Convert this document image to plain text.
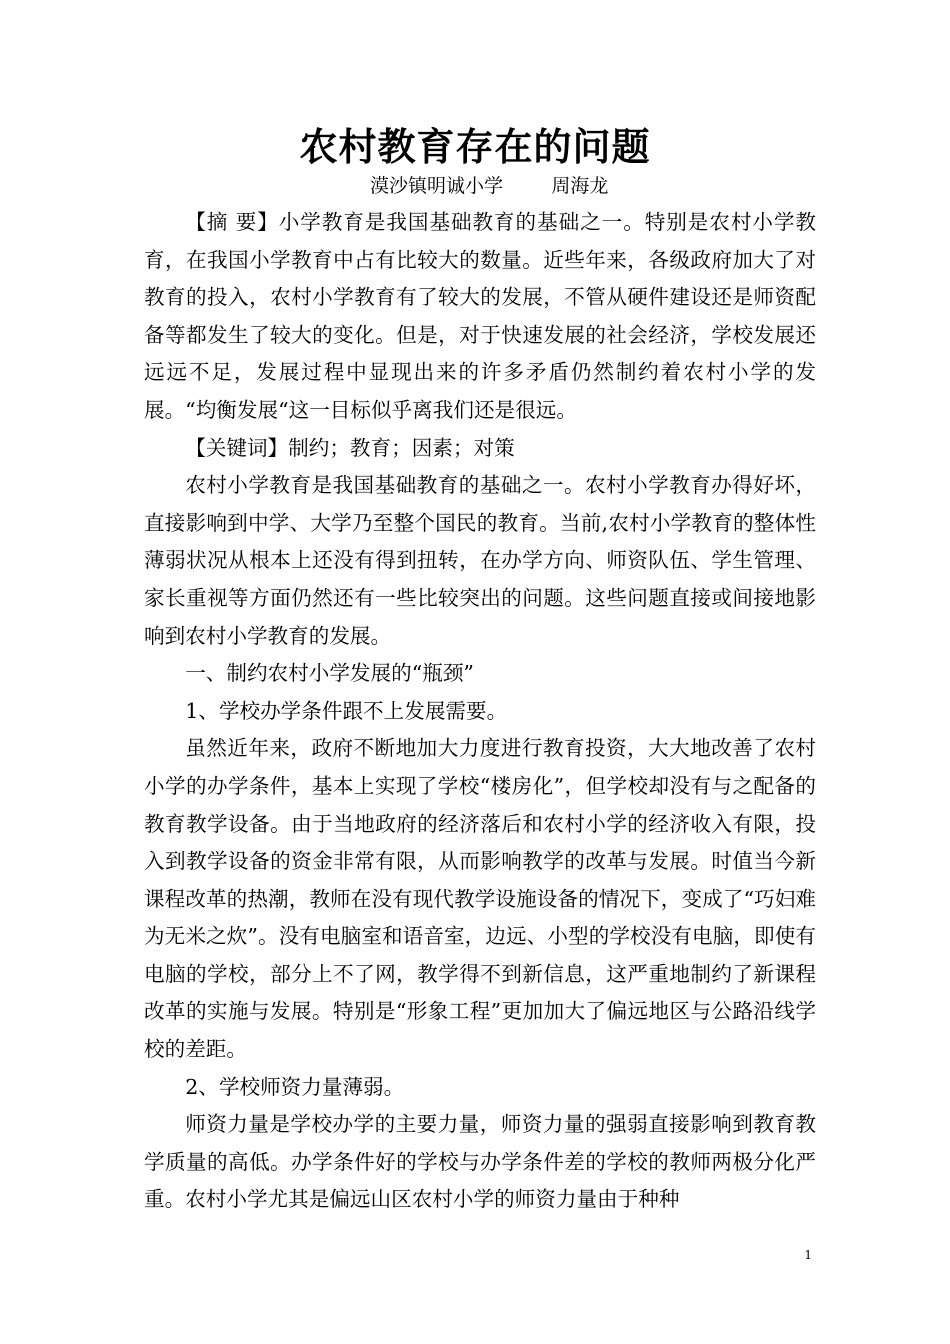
农村教育存在的问题
漠沙镇明诚小学        周海龙

【摘 要】小学教育是我国基础教育的基础之一。特别是农村小学教育，在我国小学教育中占有比较大的数量。近些年来，各级政府加大了对教育的投入，农村小学教育有了较大的发展，不管从硬件建设还是师资配备等都发生了较大的变化。但是，对于快速发展的社会经济，学校发展还远远不足，发展过程中显现出来的许多矛盾仍然制约着农村小学的发展。“均衡发展“这一目标似乎离我们还是很远。

【关键词】制约；教育；因素；对策

农村小学教育是我国基础教育的基础之一。农村小学教育办得好坏，直接影响到中学、大学乃至整个国民的教育。当前,农村小学教育的整体性薄弱状况从根本上还没有得到扭转，在办学方向、师资队伍、学生管理、家长重视等方面仍然还有一些比较突出的问题。这些问题直接或间接地影响到农村小学教育的发展。

一、制约农村小学发展的“瓶颈”

1、学校办学条件跟不上发展需要。

虽然近年来，政府不断地加大力度进行教育投资，大大地改善了农村小学的办学条件，基本上实现了学校“楼房化”，但学校却没有与之配备的教育教学设备。由于当地政府的经济落后和农村小学的经济收入有限，投入到教学设备的资金非常有限，从而影响教学的改革与发展。时值当今新课程改革的热潮，教师在没有现代教学设施设备的情况下，变成了“巧妇难为无米之炊”。没有电脑室和语音室，边远、小型的学校没有电脑，即使有电脑的学校，部分上不了网，教学得不到新信息，这严重地制约了新课程改革的实施与发展。特别是“形象工程”更加加大了偏远地区与公路沿线学校的差距。

2、学校师资力量薄弱。

师资力量是学校办学的主要力量，师资力量的强弱直接影响到教育教学质量的高低。办学条件好的学校与办学条件差的学校的教师两极分化严重。农村小学尤其是偏远山区农村小学的师资力量由于种种

1
